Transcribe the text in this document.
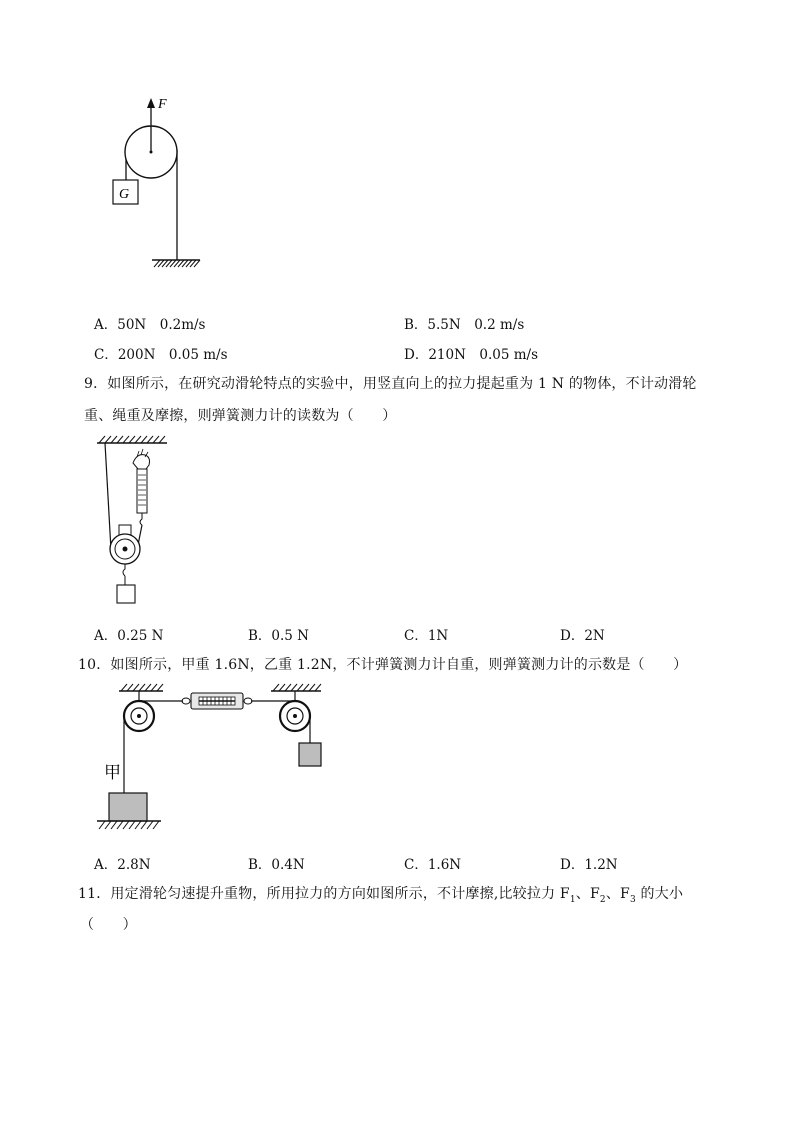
F
G
A．50N　0.2m/s	B．5.5N　0.2 m/s
C．200N　0.05 m/s	D．210N　0.05 m/s
9．如图所示，在研究动滑轮特点的实验中，用竖直向上的拉力提起重为 1 N 的物体，不计动滑轮
重、绳重及摩擦，则弹簧测力计的读数为（　　）
A．0.25 N	B．0.5 N	C．1N	D．2N
10．如图所示，甲重 1.6N，乙重 1.2N，不计弹簧测力计自重，则弹簧测力计的示数是（　　）
甲
A．2.8N	B．0.4N	C．1.6N	D．1.2N
11．用定滑轮匀速提升重物，所用拉力的方向如图所示，不计摩擦,比较拉力 $F_1$、$F_2$、$F_3$ 的大小
（　　）
